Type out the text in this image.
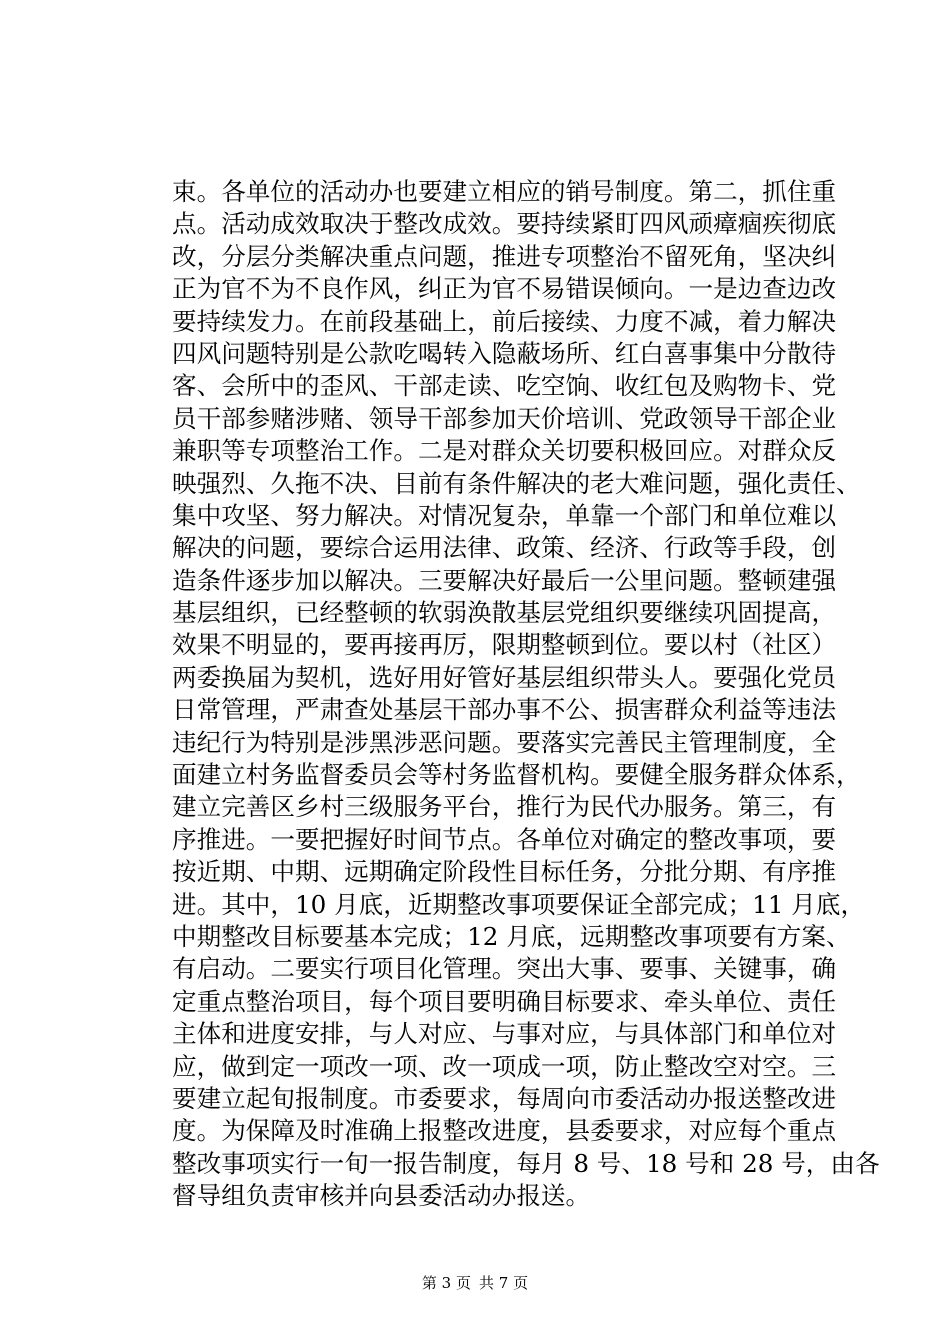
束。各单位的活动办也要建立相应的销号制度。第二，抓住重
点。活动成效取决于整改成效。要持续紧盯四风顽瘴痼疾彻底
改，分层分类解决重点问题，推进专项整治不留死角，坚决纠
正为官不为不良作风，纠正为官不易错误倾向。一是边查边改
要持续发力。在前段基础上，前后接续、力度不减，着力解决
四风问题特别是公款吃喝转入隐蔽场所、红白喜事集中分散待
客、会所中的歪风、干部走读、吃空饷、收红包及购物卡、党
员干部参赌涉赌、领导干部参加天价培训、党政领导干部企业
兼职等专项整治工作。二是对群众关切要积极回应。对群众反
映强烈、久拖不决、目前有条件解决的老大难问题，强化责任、
集中攻坚、努力解决。对情况复杂，单靠一个部门和单位难以
解决的问题，要综合运用法律、政策、经济、行政等手段，创
造条件逐步加以解决。三要解决好最后一公里问题。整顿建强
基层组织，已经整顿的软弱涣散基层党组织要继续巩固提高，
效果不明显的，要再接再厉，限期整顿到位。要以村（社区）
两委换届为契机，选好用好管好基层组织带头人。要强化党员
日常管理，严肃查处基层干部办事不公、损害群众利益等违法
违纪行为特别是涉黑涉恶问题。要落实完善民主管理制度，全
面建立村务监督委员会等村务监督机构。要健全服务群众体系，
建立完善区乡村三级服务平台，推行为民代办服务。第三，有
序推进。一要把握好时间节点。各单位对确定的整改事项，要
按近期、中期、远期确定阶段性目标任务，分批分期、有序推
进。其中，10 月底，近期整改事项要保证全部完成；11 月底，
中期整改目标要基本完成；12 月底，远期整改事项要有方案、
有启动。二要实行项目化管理。突出大事、要事、关键事，确
定重点整治项目，每个项目要明确目标要求、牵头单位、责任
主体和进度安排，与人对应、与事对应，与具体部门和单位对
应，做到定一项改一项、改一项成一项，防止整改空对空。三
要建立起旬报制度。市委要求，每周向市委活动办报送整改进
度。为保障及时准确上报整改进度，县委要求，对应每个重点
整改事项实行一旬一报告制度，每月 8 号、18 号和 28 号，由各
督导组负责审核并向县委活动办报送。
第 3 页 共 7 页
